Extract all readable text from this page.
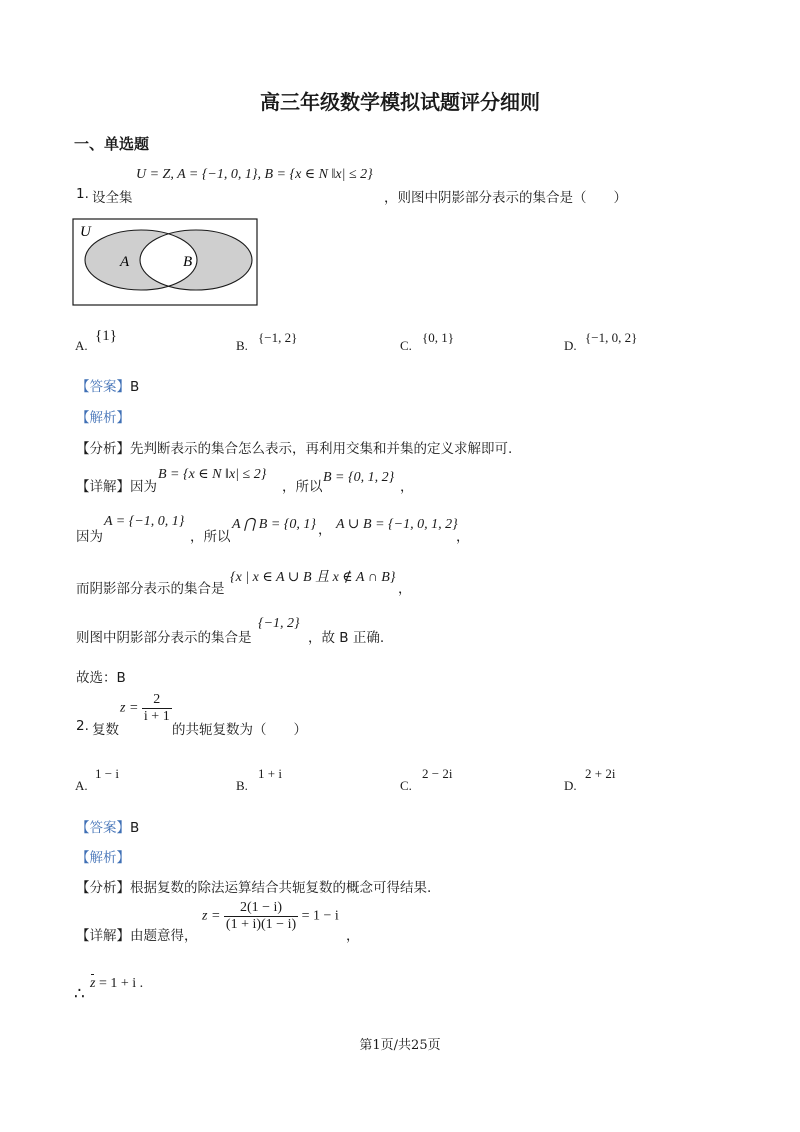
高三年级数学模拟试题评分细则
一、单选题
1. 设全集
U = Z, A = {−1, 0, 1}, B = {x ∈ N ‖x| ≤ 2}
，则图中阴影部分表示的集合是（　　）
U
A	B
A.
{1}
B.
{−1, 2}
C.
{0, 1}
D.
{−1, 0, 2}
【答案】B
【解析】
【分析】先判断表示的集合怎么表示，再利用交集和并集的定义求解即可.
【详解】因为
B = {x ∈ N ‖x| ≤ 2}
，所以
B = {0, 1, 2}
，
因为
A = {−1, 0, 1}
，所以
A ⋂ B = {0, 1} ， A ∪ B = {−1, 0, 1, 2}
，
而阴影部分表示的集合是
{x | x ∈ A ∪ B 且 x ∉ A ∩ B}
，
则图中阴影部分表示的集合是
{−1, 2}
，故 B 正确.
故选：B
2. 复数
$z = \frac{2}{i + 1}$
的共轭复数为（　　）
A.
1 − i
B.
1 + i
C.
2 − 2i
D.
2 + 2i
【答案】B
【解析】
【分析】根据复数的除法运算结合共轭复数的概念可得结果.
【详解】由题意得，
$z = \frac{2(1 - i)}{(1 + i)(1 - i)} = 1 - i$
，
∴
z = 1 + i .
第1页/共25页
